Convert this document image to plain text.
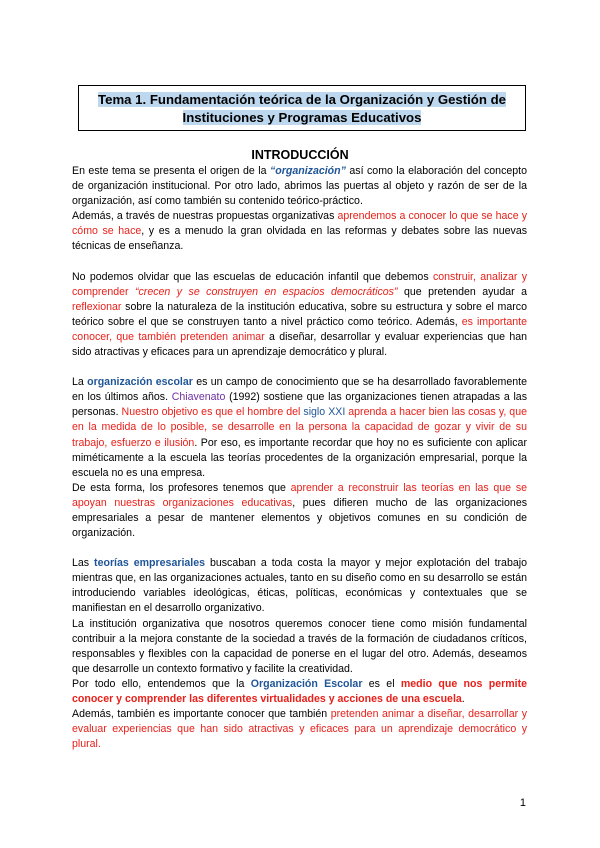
Tema 1. Fundamentación teórica de la Organización y Gestión de
Instituciones y Programas Educativos
INTRODUCCIÓN

En este tema se presenta el origen de la “organización” así como la elaboración del concepto de organización institucional. Por otro lado, abrimos las puertas al objeto y razón de ser de la organización, así como también su contenido teórico-práctico.

Además, a través de nuestras propuestas organizativas aprendemos a conocer lo que se hace y cómo se hace, y es a menudo la gran olvidada en las reformas y debates sobre las nuevas técnicas de enseñanza.

No podemos olvidar que las escuelas de educación infantil que debemos construir, analizar y comprender “crecen y se construyen en espacios democráticos” que pretenden ayudar a reflexionar sobre la naturaleza de la institución educativa, sobre su estructura y sobre el marco teórico sobre el que se construyen tanto a nivel práctico como teórico. Además, es importante conocer, que también pretenden animar a diseñar, desarrollar y evaluar experiencias que han sido atractivas y eficaces para un aprendizaje democrático y plural.

La organización escolar es un campo de conocimiento que se ha desarrollado favorablemente en los últimos años. Chiavenato (1992) sostiene que las organizaciones tienen atrapadas a las personas. Nuestro objetivo es que el hombre del siglo XXI aprenda a hacer bien las cosas y, que en la medida de lo posible, se desarrolle en la persona la capacidad de gozar y vivir de su trabajo, esfuerzo e ilusión. Por eso, es importante recordar que hoy no es suficiente con aplicar miméticamente a la escuela las teorías procedentes de la organización empresarial, porque la escuela no es una empresa.

De esta forma, los profesores tenemos que aprender a reconstruir las teorías en las que se apoyan nuestras organizaciones educativas, pues difieren mucho de las organizaciones empresariales a pesar de mantener elementos y objetivos comunes en su condición de organización.

Las teorías empresariales buscaban a toda costa la mayor y mejor explotación del trabajo mientras que, en las organizaciones actuales, tanto en su diseño como en su desarrollo se están introduciendo variables ideológicas, éticas, políticas, económicas y contextuales que se manifiestan en el desarrollo organizativo.

La institución organizativa que nosotros queremos conocer tiene como misión fundamental contribuir a la mejora constante de la sociedad a través de la formación de ciudadanos críticos, responsables y flexibles con la capacidad de ponerse en el lugar del otro. Además, deseamos que desarrolle un contexto formativo y facilite la creatividad.

Por todo ello, entendemos que la Organización Escolar es el medio que nos permite conocer y comprender las diferentes virtualidades y acciones de una escuela.

Además, también es importante conocer que también pretenden animar a diseñar, desarrollar y evaluar experiencias que han sido atractivas y eficaces para un aprendizaje democrático y plural.

1
